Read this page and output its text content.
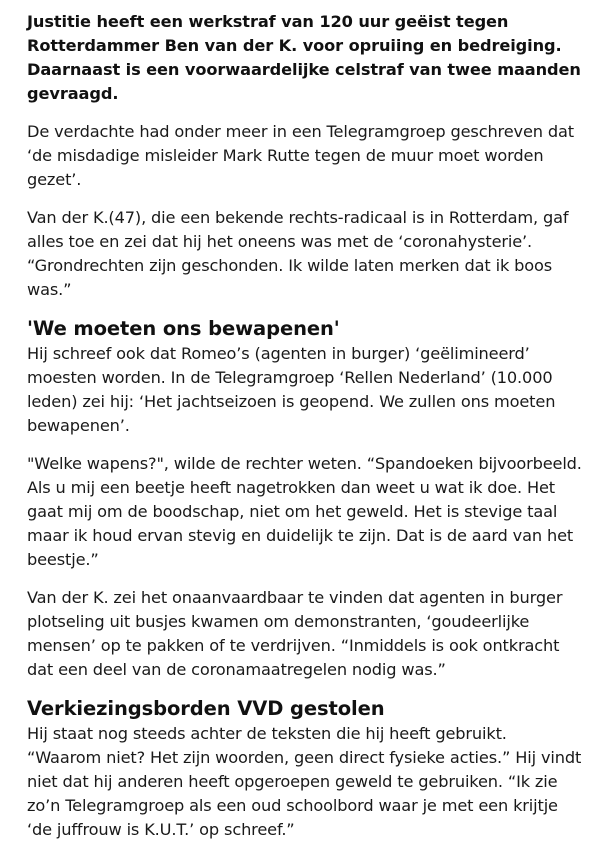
Justitie heeft een werkstraf van 120 uur geëist tegen Rotterdammer Ben van der K. voor opruiing en bedreiging. Daarnaast is een voorwaardelijke celstraf van twee maanden gevraagd.

De verdachte had onder meer in een Telegramgroep geschreven dat ‘de misdadige misleider Mark Rutte tegen de muur moet worden gezet’.

Van der K.(47), die een bekende rechts-radicaal is in Rotterdam, gaf alles toe en zei dat hij het oneens was met de ‘coronahysterie’. “Grondrechten zijn geschonden. Ik wilde laten merken dat ik boos was.”

'We moeten ons bewapenen'

Hij schreef ook dat Romeo’s (agenten in burger) ‘geëlimineerd’ moesten worden. In de Telegramgroep ‘Rellen Nederland’ (10.000 leden) zei hij: ‘Het jachtseizoen is geopend. We zullen ons moeten bewapenen’.

"Welke wapens?", wilde de rechter weten. “Spandoeken bijvoorbeeld. Als u mij een beetje heeft nagetrokken dan weet u wat ik doe. Het gaat mij om de boodschap, niet om het geweld. Het is stevige taal maar ik houd ervan stevig en duidelijk te zijn. Dat is de aard van het beestje.”

Van der K. zei het onaanvaardbaar te vinden dat agenten in burger plotseling uit busjes kwamen om demonstranten, ‘goudeerlijke mensen’ op te pakken of te verdrijven. “Inmiddels is ook ontkracht dat een deel van de coronamaatregelen nodig was.”

Verkiezingsborden VVD gestolen

Hij staat nog steeds achter de teksten die hij heeft gebruikt. “Waarom niet? Het zijn woorden, geen direct fysieke acties.” Hij vindt niet dat hij anderen heeft opgeroepen geweld te gebruiken. “Ik zie zo’n Telegramgroep als een oud schoolbord waar je met een krijtje ‘de juffrouw is K.U.T.’ op schreef.”
